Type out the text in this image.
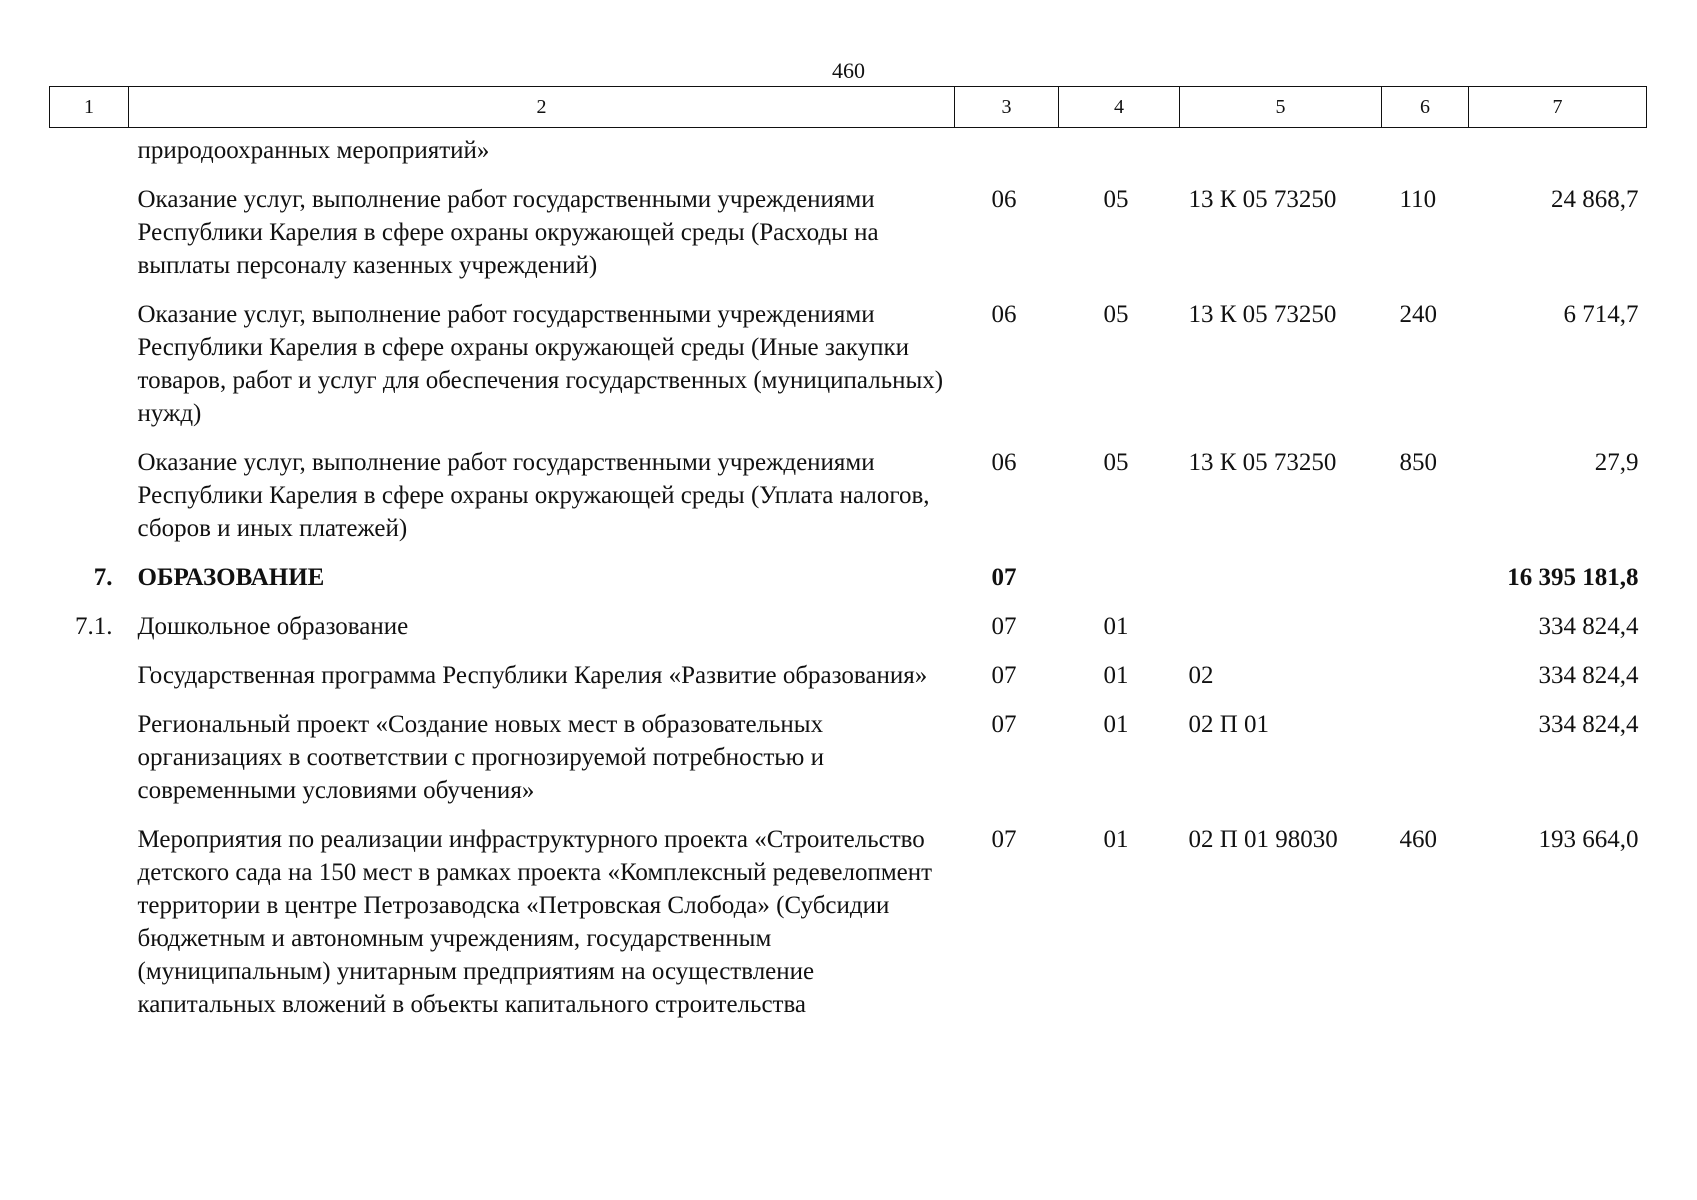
460
1	2	3	4	5	6	7
	природоохранных мероприятий»					
	Оказание услуг, выполнение работ государственными учреждениями Республики Карелия в сфере охраны окружающей среды (Расходы на выплаты персоналу казенных учреждений)	06	05	13 К 05 73250	110	24 868,7
	Оказание услуг, выполнение работ государственными учреждениями Республики Карелия в сфере охраны окружающей среды (Иные закупки товаров, работ и услуг для обеспечения государственных (муниципальных) нужд)	06	05	13 К 05 73250	240	6 714,7
	Оказание услуг, выполнение работ государственными учреждениями Республики Карелия в сфере охраны окружающей среды (Уплата налогов, сборов и иных платежей)	06	05	13 К 05 73250	850	27,9
7.	ОБРАЗОВАНИЕ	07				16 395 181,8
7.1.	Дошкольное образование	07	01			334 824,4
	Государственная программа Республики Карелия «Развитие образования»	07	01	02		334 824,4
	Региональный проект «Создание новых мест в образовательных организациях в соответствии с прогнозируемой потребностью и современными условиями обучения»	07	01	02 П 01		334 824,4
	Мероприятия по реализации инфраструктурного проекта «Строительство детского сада на 150 мест в рамках проекта «Комплексный редевелопмент территории в центре Петрозаводска «Петровская Слобода» (Субсидии бюджетным и автономным учреждениям, государственным (муниципальным) унитарным предприятиям на осуществление капитальных вложений в объекты капитального строительства	07	01	02 П 01 98030	460	193 664,0
